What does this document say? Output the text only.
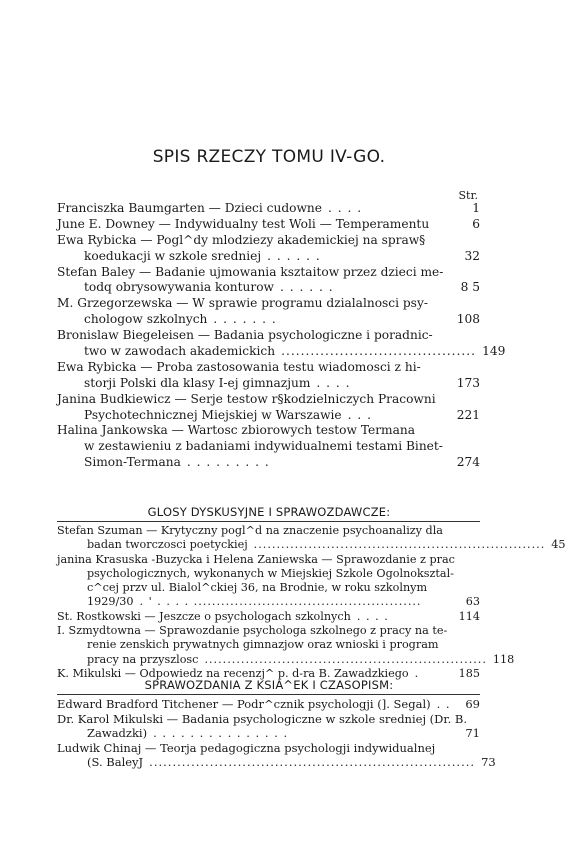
SPIS RZECZY TOMU IV-GO.
Str.
Franciszka Baumgarten — Dzieci cudowne . . . .	1
June E. Downey — Indywidualny test Woli — Temperamentu	6
Ewa Rybicka — Pogl^dy mlodziezy akademickiej na spraw§
koedukacji w szkole sredniej . . . . . .	32
Stefan Baley — Badanie ujmowania ksztaitow przez dzieci me-
todq obrysowywania konturow . . . . . .	8 5
M. Grzegorzewska — W sprawie programu dzialalnosci psy-
chologow szkolnych . . . . . . .	108
Bronislaw Biegeleisen — Badania psychologiczne i poradnic-
two w zawodach akademickich ........................................ 149
Ewa Rybicka — Proba zastosowania testu wiadomosci z hi-
storji Polski dla klasy I-ej gimnazjum . . . .	173
Janina Budkiewicz — Serje testow r§kodzielniczych Pracowni
Psychotechnicznej Miejskiej w Warszawie . . .	221
Halina Jankowska — Wartosc zbiorowych testow Termana
w zestawieniu z badaniami indywidualnemi testami Binet-
Simon-Termana . . . . . . . . .	274
GLOSY DYSKUSYJNE I SPRAWOZDAWCZE:
Stefan Szuman — Krytyczny pogl^d na znaczenie psychoanalizy dla
badan tworczosci poetyckiej ................................................................ 45
janina Krasuska -Buzycka i Helena Zaniewska — Sprawozdanie z prac
psychologicznych, wykonanych w Miejskiej Szkole Ogolnoksztal-
c^cej przv ul. Bialol^ckiej 36, na Brodnie, w roku szkolnym
1929/30 . ' . . . . ..................................................	63
St. Rostkowski — Jeszcze o psychologach szkolnych . . . .	114
I. Szmydtowna — Sprawozdanie psychologa szkolnego z pracy na te-
renie zenskich prywatnych gimnazjow oraz wnioski i program
pracy na przyszlosc .............................................................. 118
K. Mikulski — Odpowiedz na recenzj^ p. d-ra B. Zawadzkiego .	185
SPRAWOZDANIA Z KSIA^EK I CZASOPISM:
Edward Bradford Titchener — Podr^cznik psychologji (]. Segal) . .	69
Dr. Karol Mikulski — Badania psychologiczne w szkole sredniej (Dr. B.
Zawadzki) . . . . . . . . . . . . . . .	71
Ludwik Chinaj — Teorja pedagogiczna psychologji indywidualnej
(S. BaleyJ ...................................................................... 73
